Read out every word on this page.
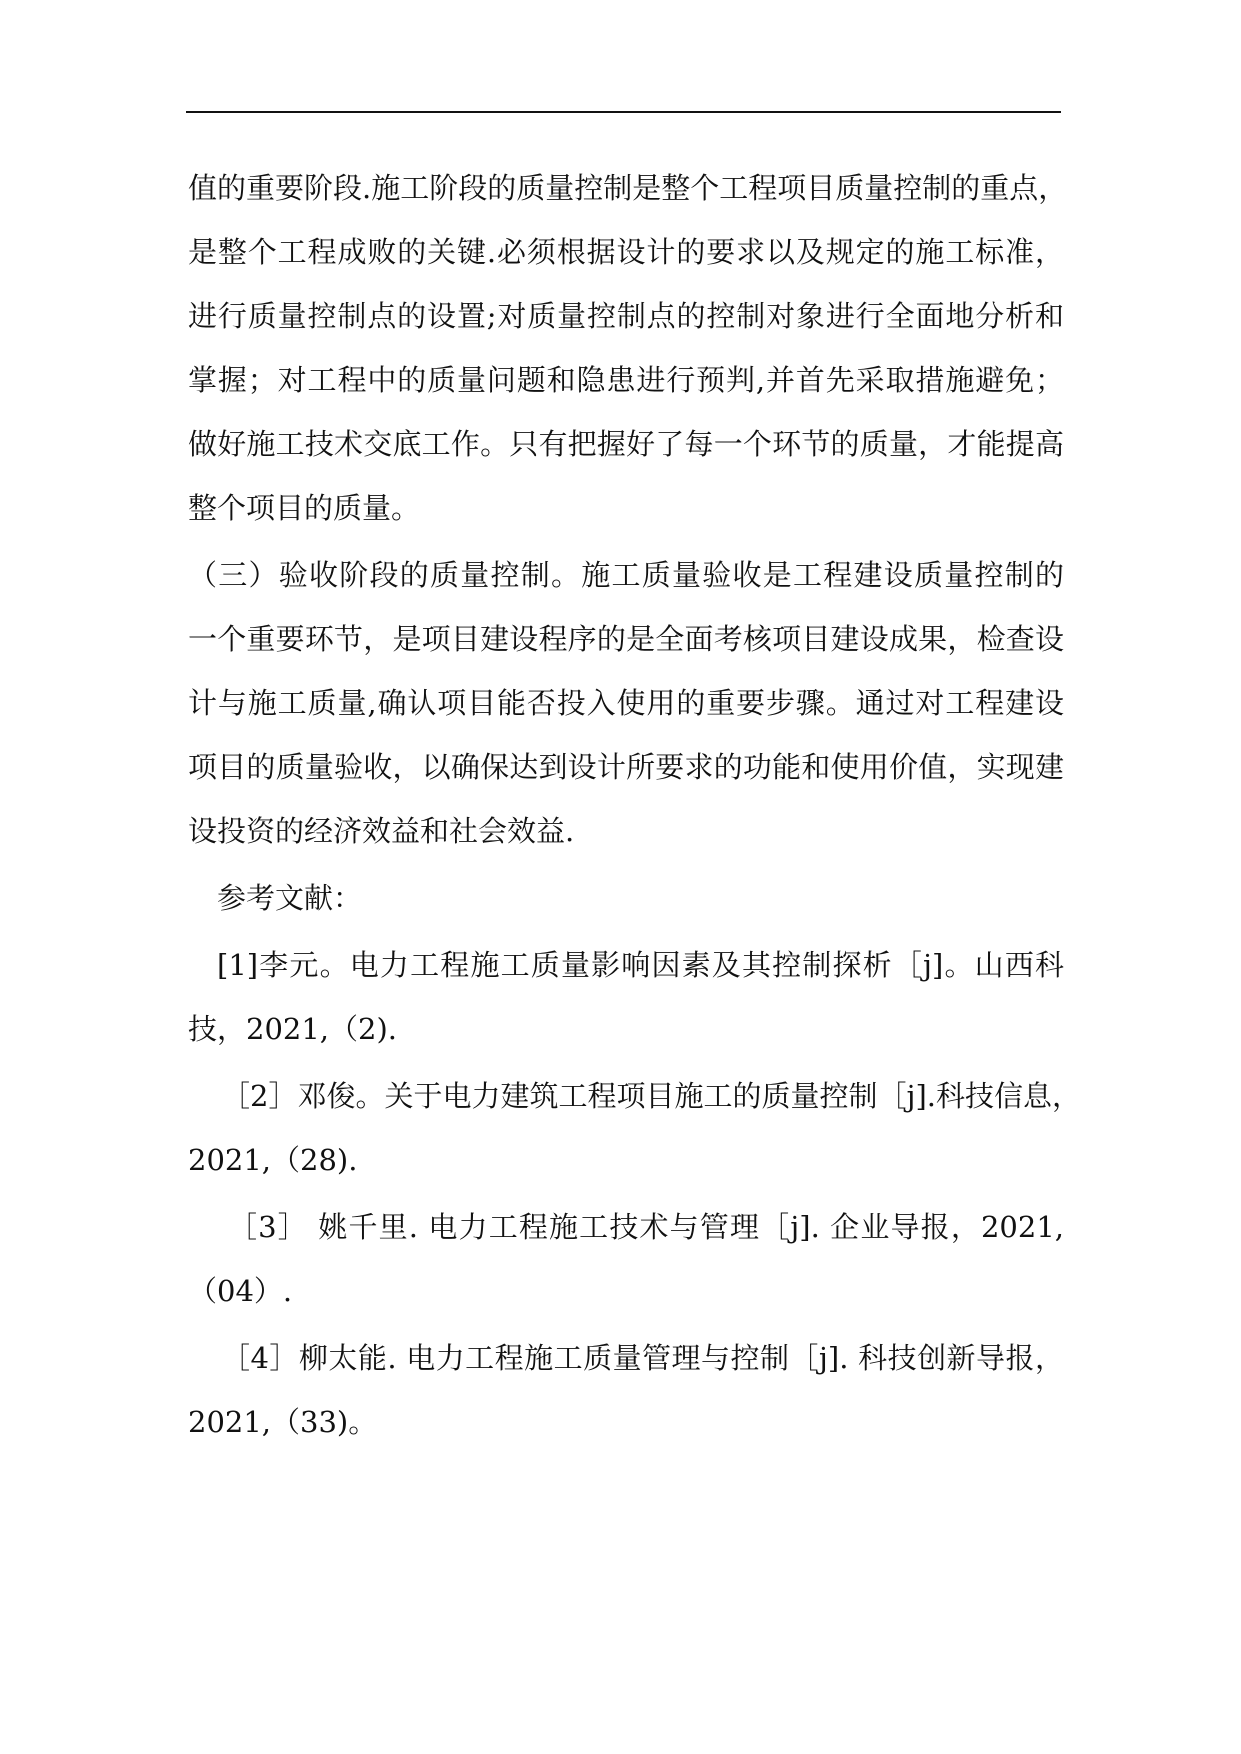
值的重要阶段.施工阶段的质量控制是整个工程项目质量控制的重点，
是整个工程成败的关键.必须根据设计的要求以及规定的施工标准，
进行质量控制点的设置;对质量控制点的控制对象进行全面地分析和
掌握；对工程中的质量问题和隐患进行预判,并首先采取措施避免；
做好施工技术交底工作。只有把握好了每一个环节的质量，才能提高
整个项目的质量。
（三）验收阶段的质量控制。施工质量验收是工程建设质量控制的
一个重要环节，是项目建设程序的是全面考核项目建设成果，检查设
计与施工质量,确认项目能否投入使用的重要步骤。通过对工程建设
项目的质量验收，以确保达到设计所要求的功能和使用价值，实现建
设投资的经济效益和社会效益.
参考文献：
[1]李元。电力工程施工质量影响因素及其控制探析［j]。山西科
技，2021,（2).
［2］邓俊。关于电力建筑工程项目施工的质量控制［j].科技信息，
2021,（28).
［3］ 姚千里. 电力工程施工技术与管理［j]. 企业导报，2021,
（04）.
［4］柳太能. 电力工程施工质量管理与控制［j]. 科技创新导报，
2021,（33)。
